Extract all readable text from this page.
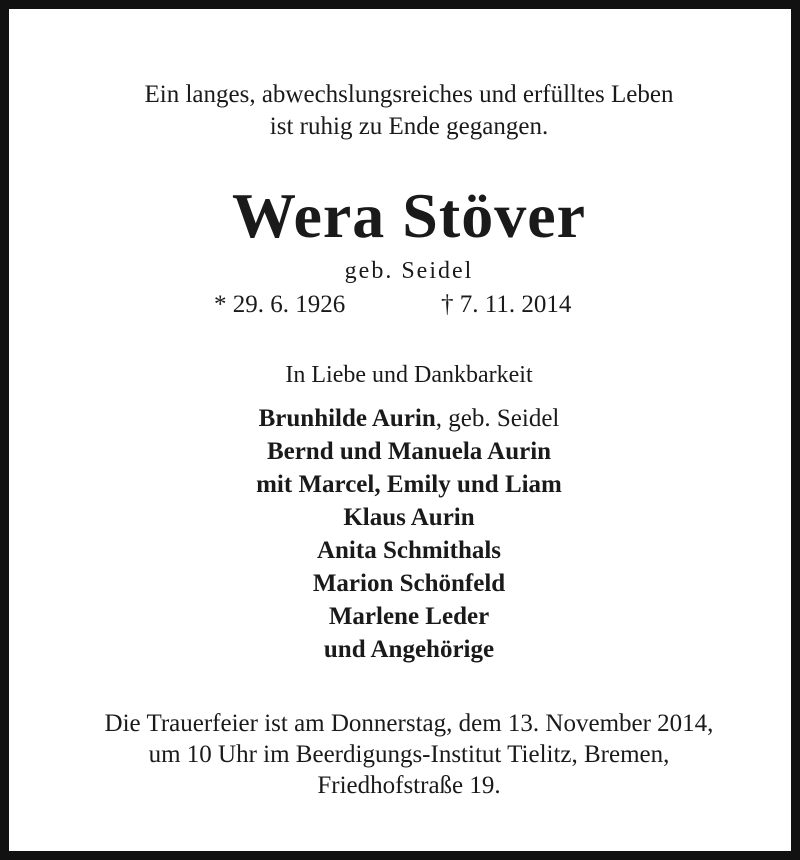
Ein langes, abwechslungsreiches und erfülltes Leben
ist ruhig zu Ende gegangen.
Wera Stöver
geb. Seidel
* 29. 6. 1926	† 7. 11. 2014
In Liebe und Dankbarkeit
Brunhilde Aurin, geb. Seidel
Bernd und Manuela Aurin
mit Marcel, Emily und Liam
Klaus Aurin
Anita Schmithals
Marion Schönfeld
Marlene Leder
und Angehörige
Die Trauerfeier ist am Donnerstag, dem 13. November 2014,
um 10 Uhr im Beerdigungs-Institut Tielitz, Bremen,
Friedhofstraße 19.
